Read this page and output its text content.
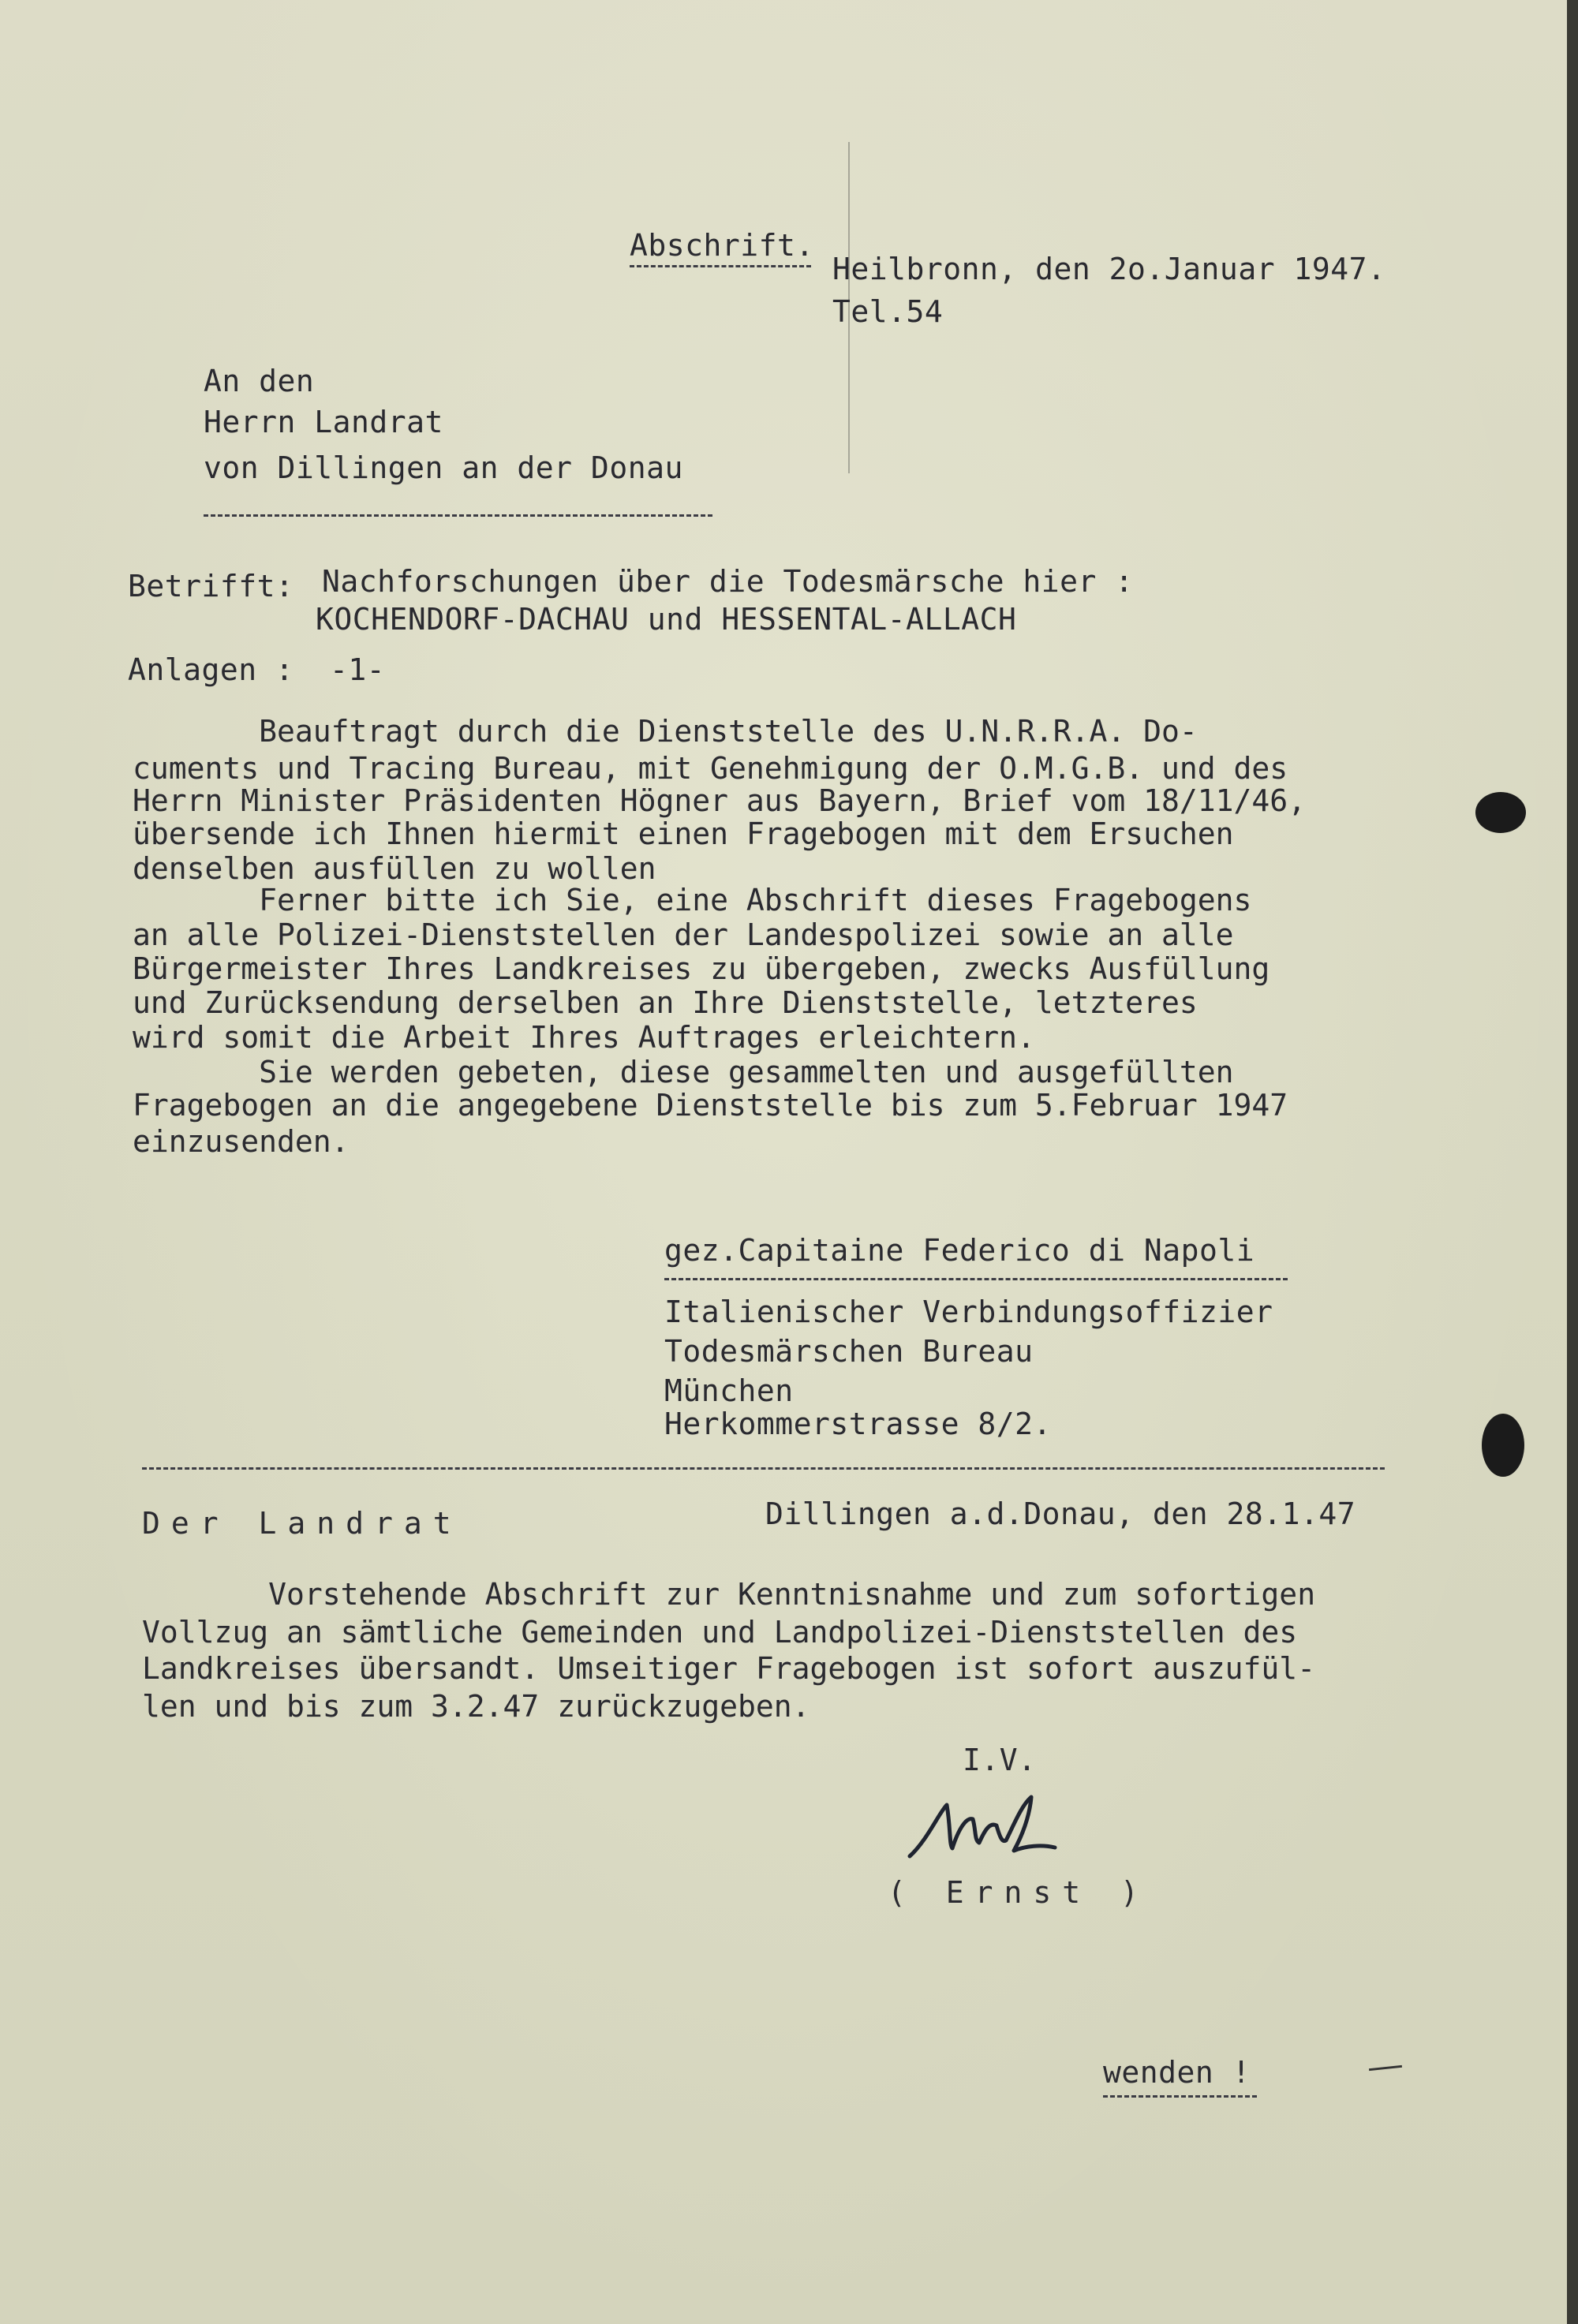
Abschrift.
Heilbronn, den 2o.Januar 1947.
Tel.54
An den
Herrn Landrat
von Dillingen an der Donau
Betrifft: Nachforschungen über die Todesmärsche hier :
KOCHENDORF-DACHAU und HESSENTAL-ALLACH
Anlagen : -1-
Beauftragt durch die Dienststelle des U.N.R.R.A. Do-
cuments und Tracing Bureau, mit Genehmigung der O.M.G.B. und des
Herrn Minister Präsidenten Högner aus Bayern, Brief vom 18/11/46,
übersende ich Ihnen hiermit einen Fragebogen mit dem Ersuchen
denselben ausfüllen zu wollen
Ferner bitte ich Sie, eine Abschrift dieses Fragebogens
an alle Polizei-Dienststellen der Landespolizei sowie an alle
Bürgermeister Ihres Landkreises zu übergeben, zwecks Ausfüllung
und Zurücksendung derselben an Ihre Dienststelle, letzteres
wird somit die Arbeit Ihres Auftrages erleichtern.
Sie werden gebeten, diese gesammelten und ausgefüllten
Fragebogen an die angegebene Dienststelle bis zum 5.Februar 1947
einzusenden.
gez.Capitaine Federico di Napoli
Italienischer Verbindungsoffizier
Todesmärschen Bureau
München
Herkommerstrasse 8/2.
Der Landrat	Dillingen a.d.Donau, den 28.1.47
Vorstehende Abschrift zur Kenntnisnahme und zum sofortigen
Vollzug an sämtliche Gemeinden und Landpolizei-Dienststellen des
Landkreises übersandt. Umseitiger Fragebogen ist sofort auszufül-
len und bis zum 3.2.47 zurückzugeben.
I.V.
( Ernst )
wenden !
